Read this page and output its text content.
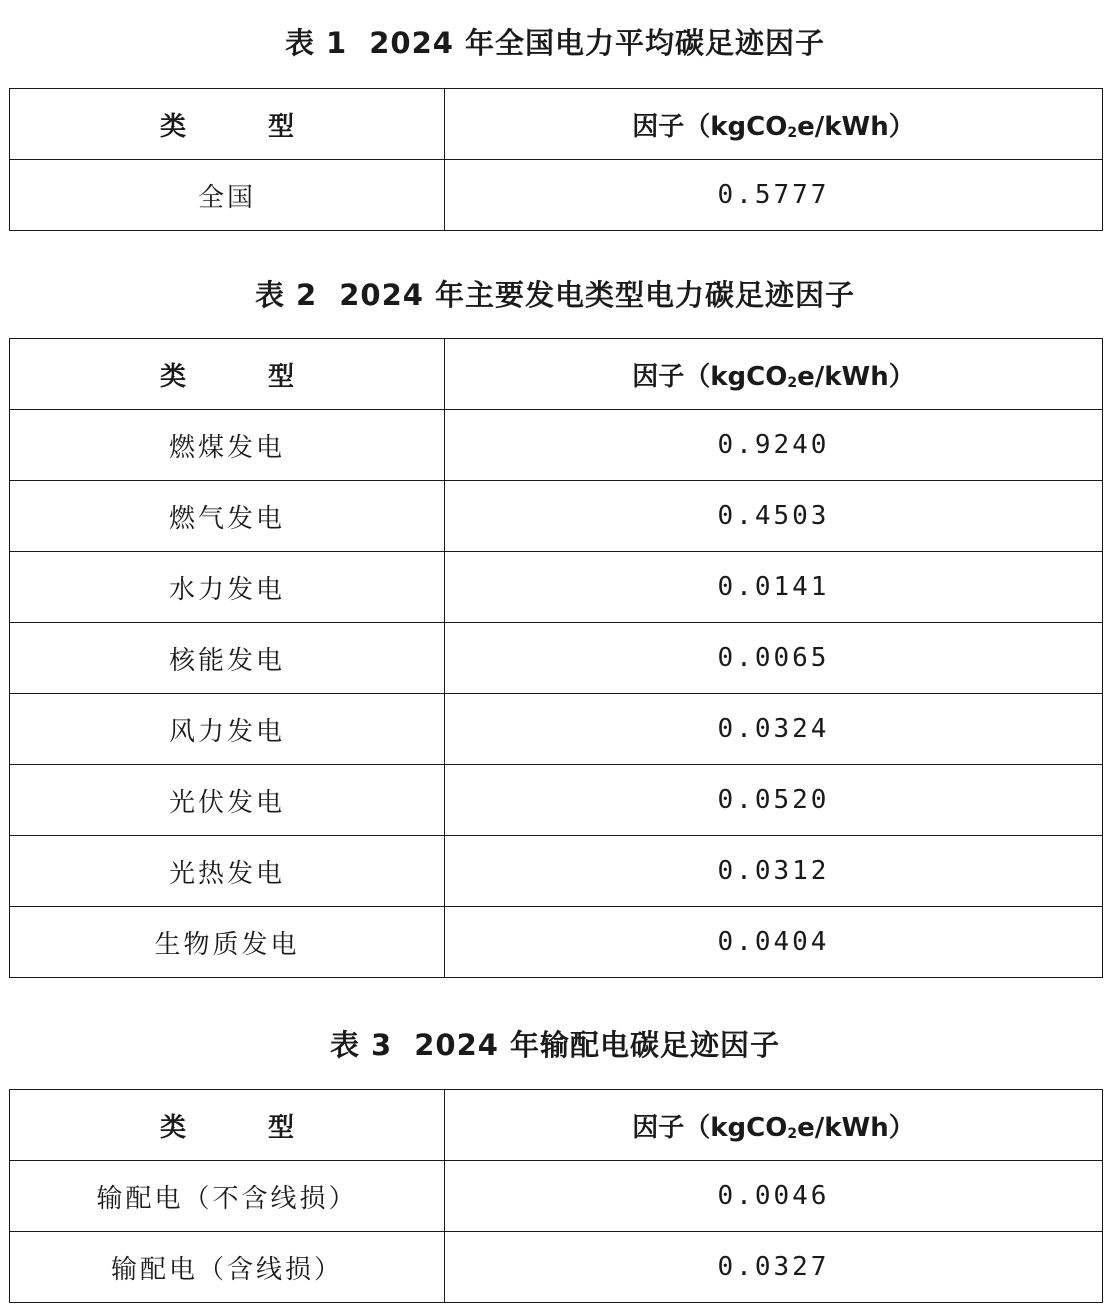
表 1 2024 年全国电力平均碳足迹因子
类　型	因子（kgCO$_2$e/kWh）
全国	0.5777
表 2 2024 年主要发电类型电力碳足迹因子
类　型	因子（kgCO$_2$e/kWh）
燃煤发电	0.9240
燃气发电	0.4503
水力发电	0.0141
核能发电	0.0065
风力发电	0.0324
光伏发电	0.0520
光热发电	0.0312
生物质发电	0.0404
表 3 2024 年输配电碳足迹因子
类　型	因子（kgCO$_2$e/kWh）
输配电（不含线损）	0.0046
输配电（含线损）	0.0327
